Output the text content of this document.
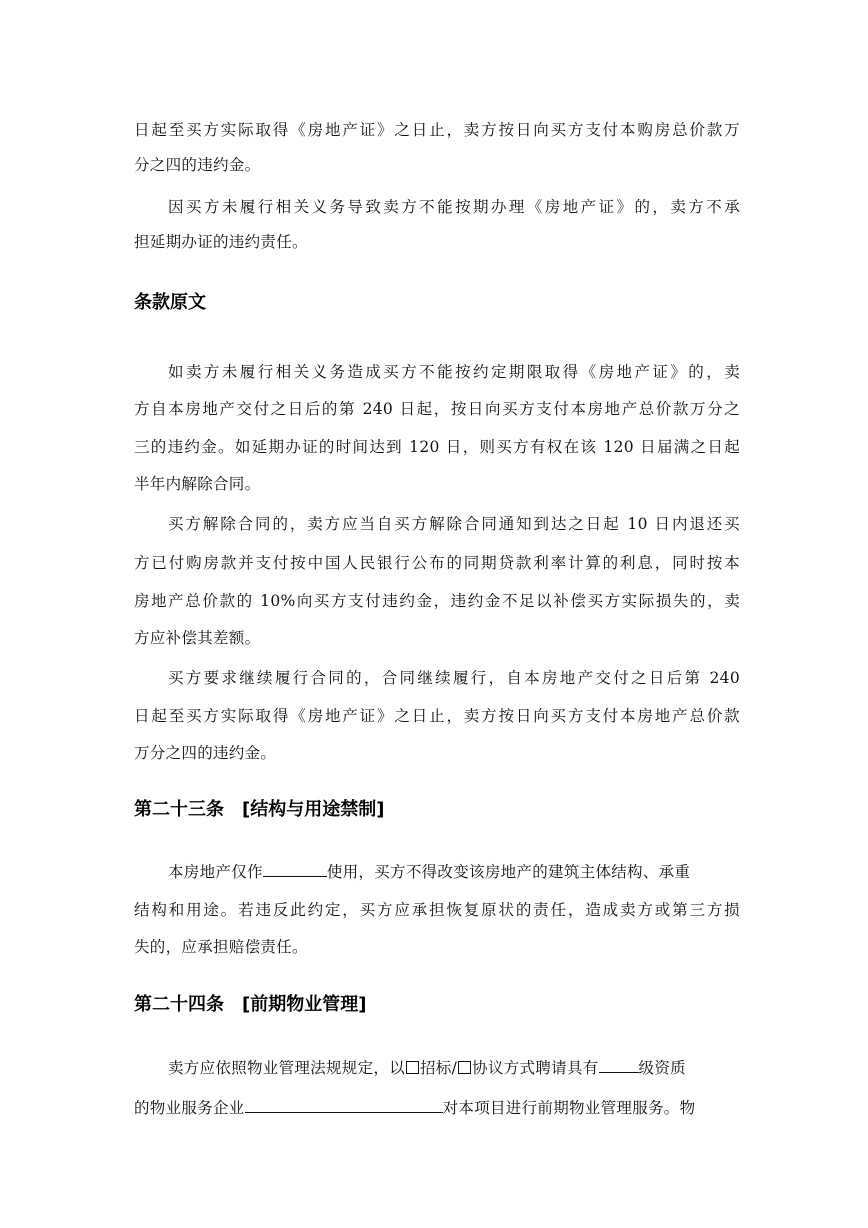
日起至买方实际取得《房地产证》之日止，卖方按日向买方支付本购房总价款万
分之四的违约金。
因买方未履行相关义务导致卖方不能按期办理《房地产证》的，卖方不承
担延期办证的违约责任。
条款原文
如卖方未履行相关义务造成买方不能按约定期限取得《房地产证》的，卖
方自本房地产交付之日后的第 240 日起，按日向买方支付本房地产总价款万分之
三的违约金。如延期办证的时间达到 120 日，则买方有权在该 120 日届满之日起
半年内解除合同。
买方解除合同的，卖方应当自买方解除合同通知到达之日起 10 日内退还买
方已付购房款并支付按中国人民银行公布的同期贷款利率计算的利息，同时按本
房地产总价款的 10%向买方支付违约金，违约金不足以补偿买方实际损失的，卖
方应补偿其差额。
买方要求继续履行合同的，合同继续履行，自本房地产交付之日后第 240
日起至买方实际取得《房地产证》之日止，卖方按日向买方支付本房地产总价款
万分之四的违约金。
第二十三条　[结构与用途禁制]
本房地产仅作	使用，买方不得改变该房地产的建筑主体结构、承重
结构和用途。若违反此约定，买方应承担恢复原状的责任，造成卖方或第三方损
失的，应承担赔偿责任。
第二十四条　[前期物业管理]
卖方应依照物业管理法规规定，以 招标/ 协议方式聘请具有	级资质
的物业服务企业	对本项目进行前期物业管理服务。物
